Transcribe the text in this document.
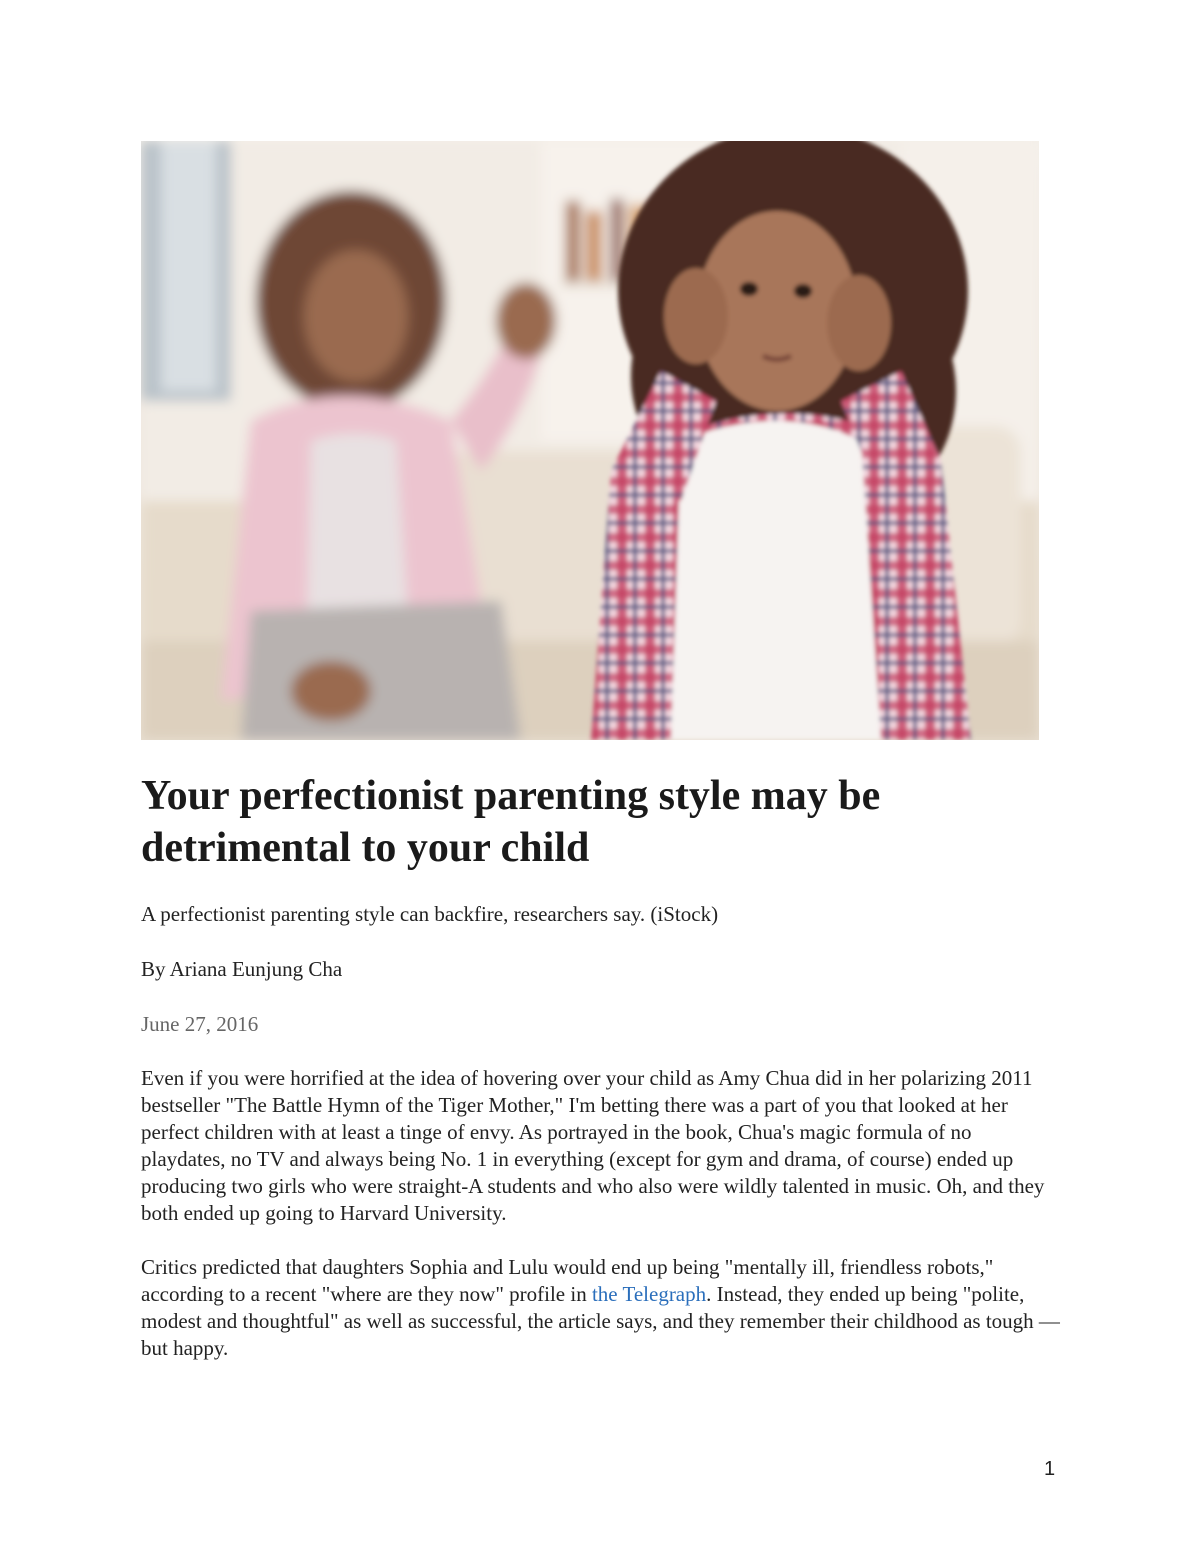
Your perfectionist parenting style may be detrimental to your child

A perfectionist parenting style can backfire, researchers say. (iStock)

By Ariana Eunjung Cha

June 27, 2016

Even if you were horrified at the idea of hovering over your child as Amy Chua did in her polarizing 2011 bestseller "The Battle Hymn of the Tiger Mother," I'm betting there was a part of you that looked at her perfect children with at least a tinge of envy. As portrayed in the book, Chua's magic formula of no playdates, no TV and always being No. 1 in everything (except for gym and drama, of course) ended up producing two girls who were straight-A students and who also were wildly talented in music. Oh, and they both ended up going to Harvard University.

Critics predicted that daughters Sophia and Lulu would end up being "mentally ill, friendless robots," according to a recent "where are they now" profile in the Telegraph. Instead, they ended up being "polite, modest and thoughtful" as well as successful, the article says, and they remember their childhood as tough — but happy.

1
